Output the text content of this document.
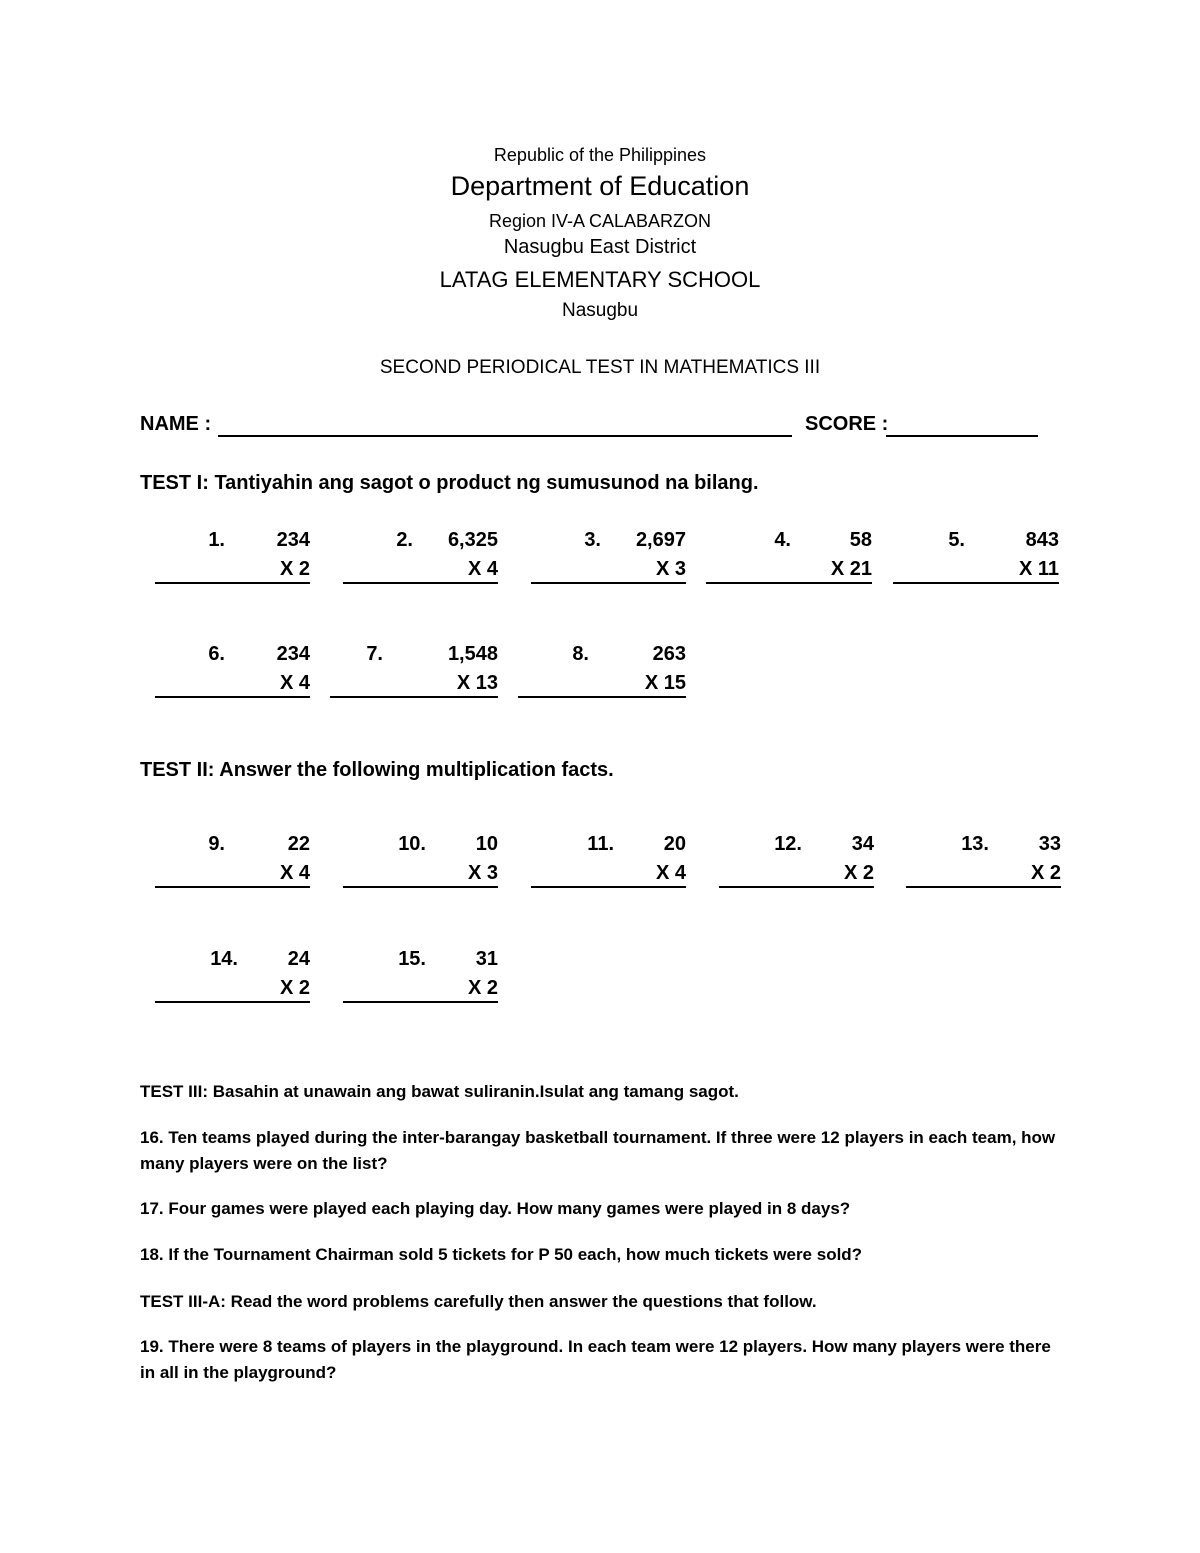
Republic of the Philippines
Department of Education
Region IV-A CALABARZON
Nasugbu East District
LATAG ELEMENTARY SCHOOL
Nasugbu
SECOND PERIODICAL TEST IN MATHEMATICS III
NAME :	SCORE :
TEST I: Tantiyahin ang sagot o product ng sumusunod na bilang.
1.	234
X 2
2. 6,325
X 4
3. 2,697
X 3
4.	58
X 21
5.	843
X 11
6.	234
X 4
7.	1,548
X 13
8.	263
X 15
TEST II: Answer the following multiplication facts.
9.	22
X 4
10. 10
X 3
11. 20
X 4
12. 34
X 2
13. 33
X 2
14. 24
X 2
15. 31
X 2
TEST III: Basahin at unawain ang bawat suliranin.Isulat ang tamang sagot.
16. Ten teams played during the inter-barangay basketball tournament. If three were 12 players in each team, how many players were on the list?
17. Four games were played each playing day. How many games were played in 8 days?
18. If the Tournament Chairman sold 5 tickets for P 50 each, how much tickets were sold?
TEST III-A: Read the word problems carefully then answer the questions that follow.
19. There were 8 teams of players in the playground. In each team were 12 players. How many players were there in all in the playground?
